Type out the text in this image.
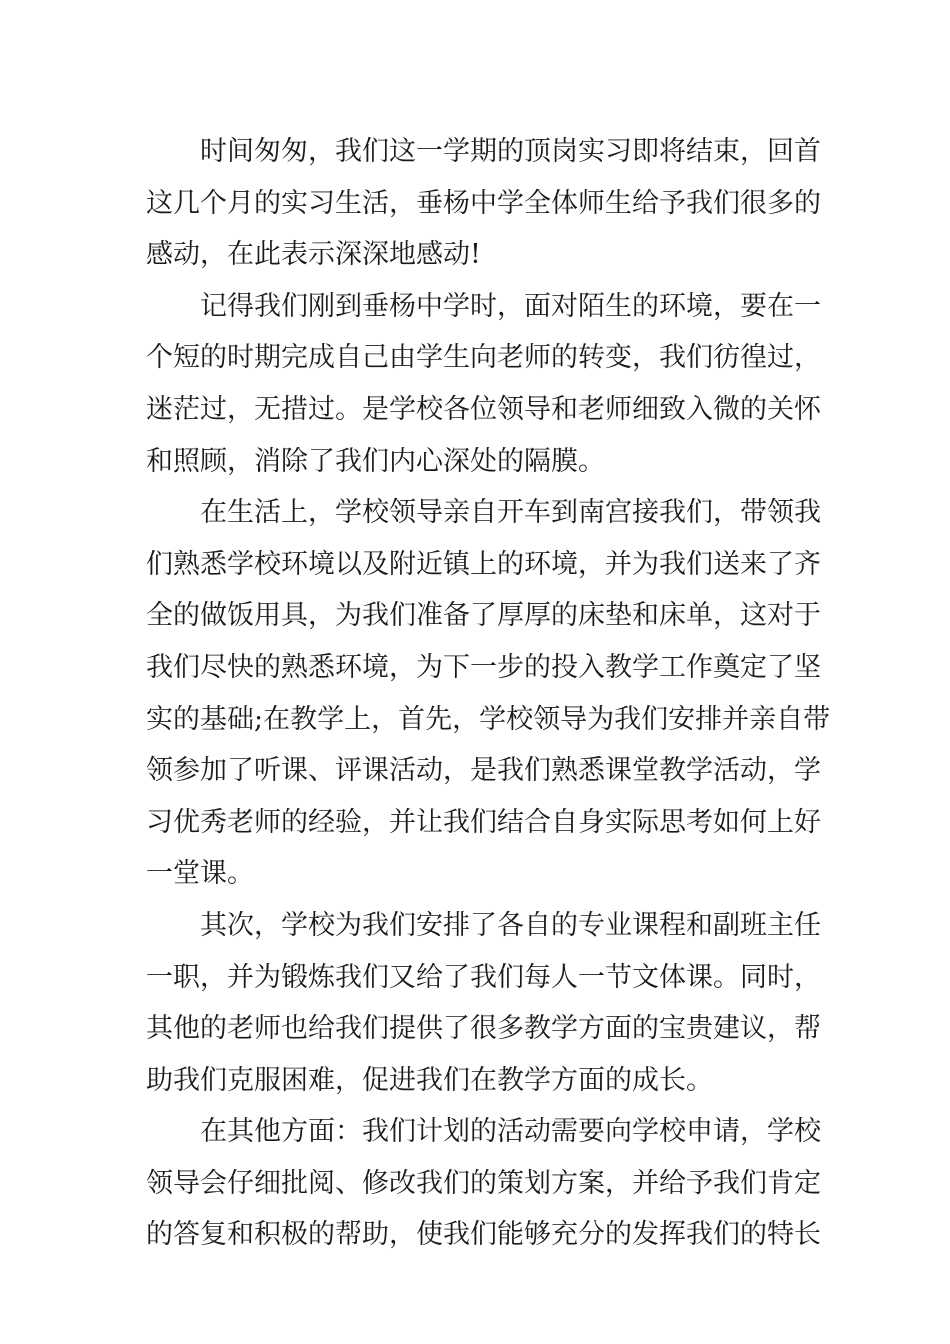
时间匆匆，我们这一学期的顶岗实习即将结束，回首
这几个月的实习生活，垂杨中学全体师生给予我们很多的
感动，在此表示深深地感动!
记得我们刚到垂杨中学时，面对陌生的环境，要在一
个短的时期完成自己由学生向老师的转变，我们彷徨过，
迷茫过，无措过。是学校各位领导和老师细致入微的关怀
和照顾，消除了我们内心深处的隔膜。
在生活上，学校领导亲自开车到南宫接我们，带领我
们熟悉学校环境以及附近镇上的环境，并为我们送来了齐
全的做饭用具，为我们准备了厚厚的床垫和床单，这对于
我们尽快的熟悉环境，为下一步的投入教学工作奠定了坚
实的基础;在教学上，首先，学校领导为我们安排并亲自带
领参加了听课、评课活动，是我们熟悉课堂教学活动，学
习优秀老师的经验，并让我们结合自身实际思考如何上好
一堂课。
其次，学校为我们安排了各自的专业课程和副班主任
一职，并为锻炼我们又给了我们每人一节文体课。同时，
其他的老师也给我们提供了很多教学方面的宝贵建议，帮
助我们克服困难，促进我们在教学方面的成长。
在其他方面：我们计划的活动需要向学校申请，学校
领导会仔细批阅、修改我们的策划方案，并给予我们肯定
的答复和积极的帮助，使我们能够充分的发挥我们的特长
